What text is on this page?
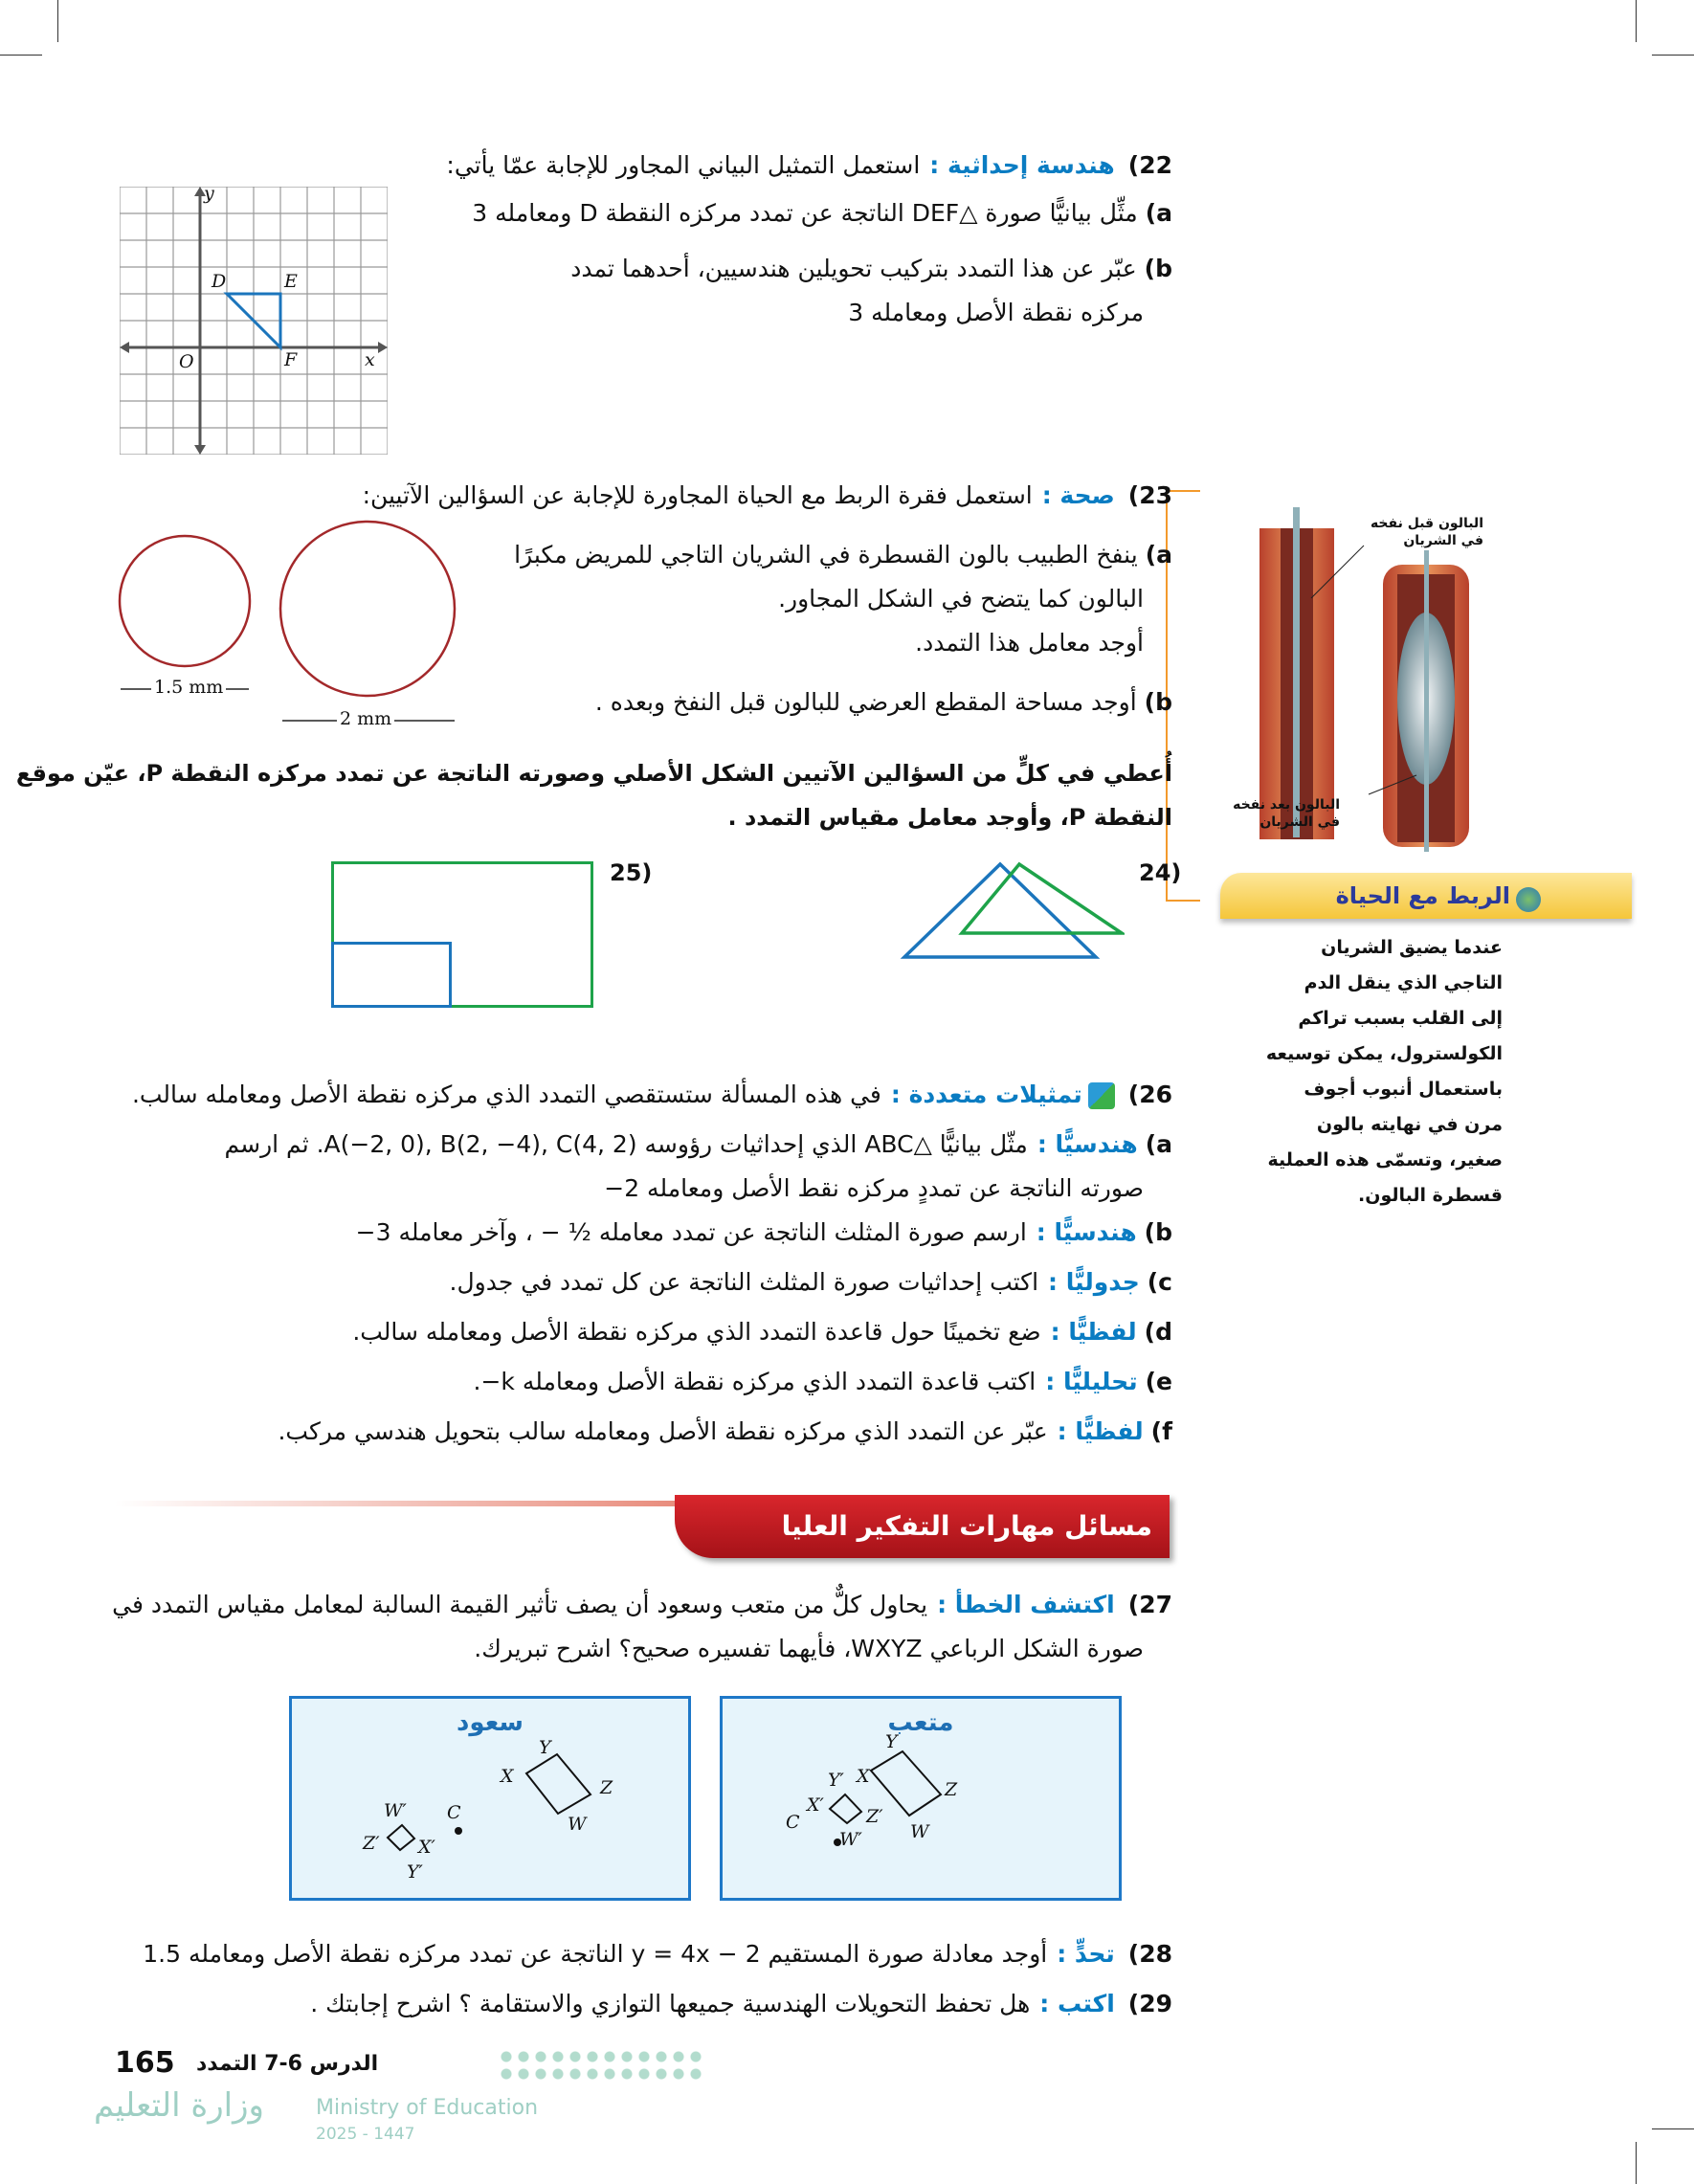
22)هندسة إحداثية :استعمل التمثيل البياني المجاور للإجابة عمّا يأتي:
a)مثِّل بيانيًّا صورة △DEF الناتجة عن تمدد مركزه النقطة D ومعامله 3
b)عبّر عن هذا التمدد بتركيب تحويلين هندسيين، أحدهما تمدد
مركزه نقطة الأصل ومعامله 3
y
x
O
D	E
F
23)صحة :استعمل فقرة الربط مع الحياة المجاورة للإجابة عن السؤالين الآتيين:
a)ينفخ الطبيب بالون القسطرة في الشريان التاجي للمريض مكبرًا
البالون كما يتضح في الشكل المجاور.
أوجد معامل هذا التمدد.
b)أوجد مساحة المقطع العرضي للبالون قبل النفخ وبعده .
1.5 mm
2 mm
البالون قبل نفخه في الشريان
البالون بعد نفخه في الشريان
الربط مع الحياة
عندما يضيق الشريان
التاجي الذي ينقل الدم
إلى القلب بسبب تراكم
الكولسترول، يمكن توسيعه
باستعمال أنبوب أجوف
مرن في نهايته بالون
صغير، وتسمّى هذه العملية
قسطرة البالون.
أُعطي في كلٍّ من السؤالين الآتيين الشكل الأصلي وصورته الناتجة عن تمدد مركزه النقطة P، عيّن موقع
النقطة P، وأوجد معامل مقياس التمدد .
24)
25)
26)تمثيلات متعددة :في هذه المسألة ستستقصي التمدد الذي مركزه نقطة الأصل ومعامله سالب.
a)هندسيًّا :مثّل بيانيًّا △ABC الذي إحداثيات رؤوسه A(−2, 0), B(2, −4), C(4, 2). ثم ارسم
صورته الناتجة عن تمددٍ مركزه نقط الأصل ومعامله 2−
b)هندسيًّا :ارسم صورة المثلث الناتجة عن تمدد معامله ½ − ، وآخر معامله 3−
c)جدوليًّا :اكتب إحداثيات صورة المثلث الناتجة عن كل تمدد في جدول.
d)لفظيًّا :ضع تخمينًا حول قاعدة التمدد الذي مركزه نقطة الأصل ومعامله سالب.
e)تحليليًّا :اكتب قاعدة التمدد الذي مركزه نقطة الأصل ومعامله k−.
f)لفظيًّا :عبّر عن التمدد الذي مركزه نقطة الأصل ومعامله سالب بتحويل هندسي مركب.
مسائل مهارات التفكير العليا
27)اكتشف الخطأ :يحاول كلٌّ من متعب وسعود أن يصف تأثير القيمة السالبة لمعامل مقياس التمدد في
صورة الشكل الرباعي WXYZ، فأيهما تفسيره صحيح؟ اشرح تبريرك.
سعود
Y
X
Z
W
C
W′
Z′ X′
Y′
متعب
Z
Y
X
W
C
Y′
X′
Z′
W′
28)تحدٍّ :أوجد معادلة صورة المستقيم y = 4x − 2 الناتجة عن تمدد مركزه نقطة الأصل ومعامله 1.5
29)اكتب :هل تحفظ التحويلات الهندسية جميعها التوازي والاستقامة ؟ اشرح إجابتك .
وزارة التعليم Ministry of Education
2025 - 1447
165 الدرس 6-7 التمدد
